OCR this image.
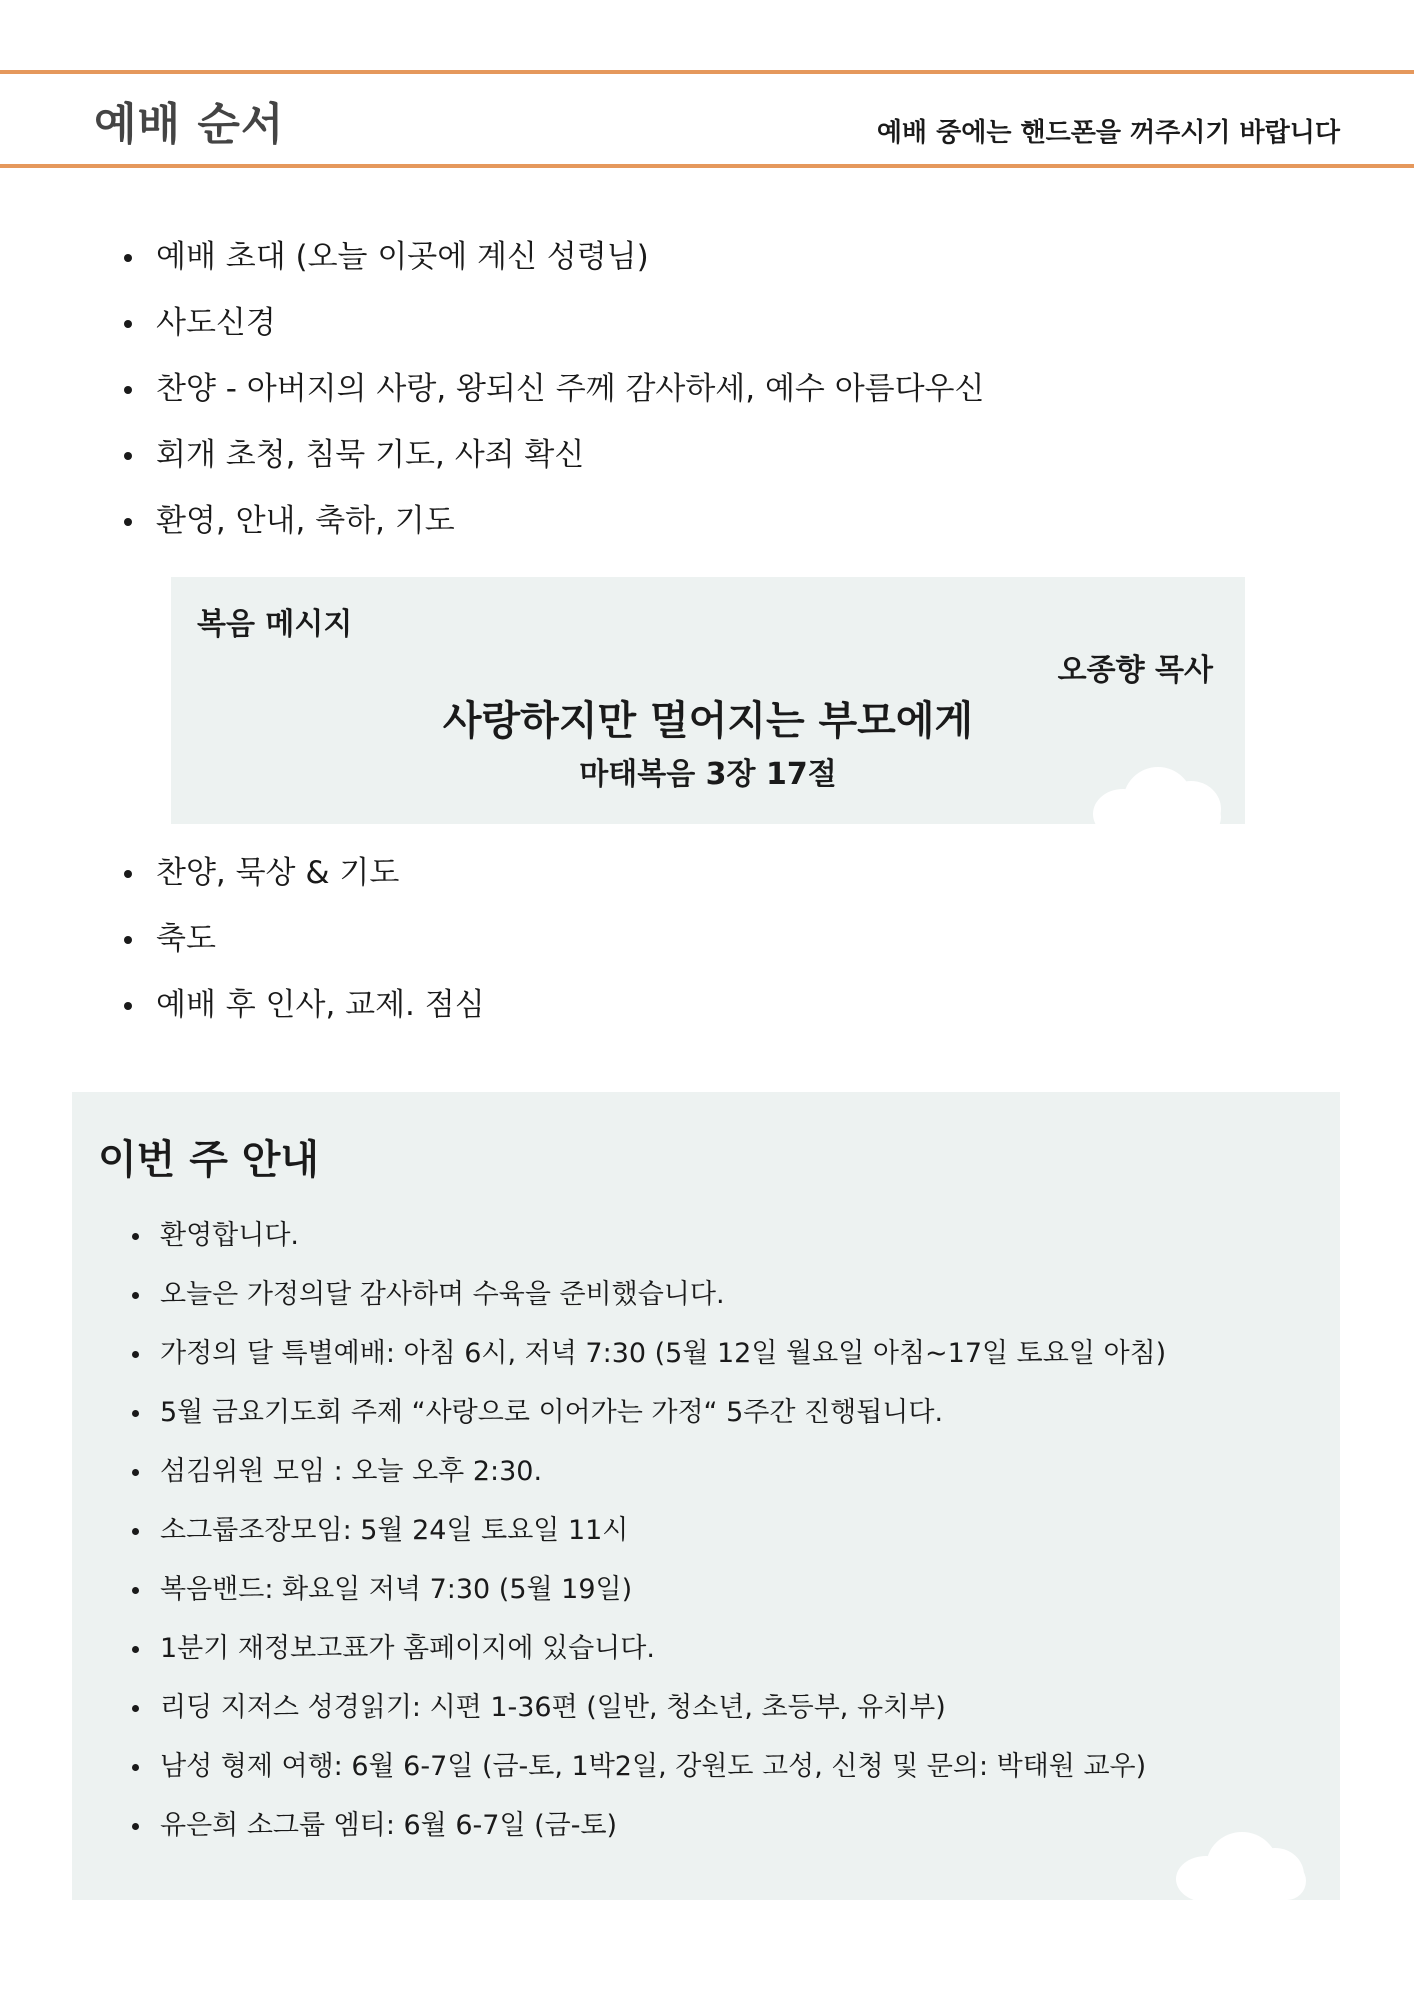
예배 순서	예배 중에는 핸드폰을 꺼주시기 바랍니다
예배 초대 (오늘 이곳에 계신 성령님)
사도신경
찬양 - 아버지의 사랑, 왕되신 주께 감사하세, 예수 아름다우신
회개 초청, 침묵 기도, 사죄 확신
환영, 안내, 축하, 기도
복음 메시지
오종향 목사
사랑하지만 멀어지는 부모에게
마태복음 3장 17절
찬양, 묵상 & 기도
축도
예배 후 인사, 교제. 점심
이번 주 안내
환영합니다.
오늘은 가정의달 감사하며 수육을 준비했습니다.
가정의 달 특별예배: 아침 6시, 저녁 7:30 (5월 12일 월요일 아침~17일 토요일 아침)
5월 금요기도회 주제 “사랑으로 이어가는 가정“ 5주간 진행됩니다.
섬김위원 모임 : 오늘 오후 2:30.
소그룹조장모임: 5월 24일 토요일 11시
복음밴드: 화요일 저녁 7:30 (5월 19일)
1분기 재정보고표가 홈페이지에 있습니다.
리딩 지저스 성경읽기: 시편 1-36편 (일반, 청소년, 초등부, 유치부)
남성 형제 여행: 6월 6-7일 (금-토, 1박2일, 강원도 고성, 신청 및 문의: 박태원 교우)
유은희 소그룹 엠티: 6월 6-7일 (금-토)
